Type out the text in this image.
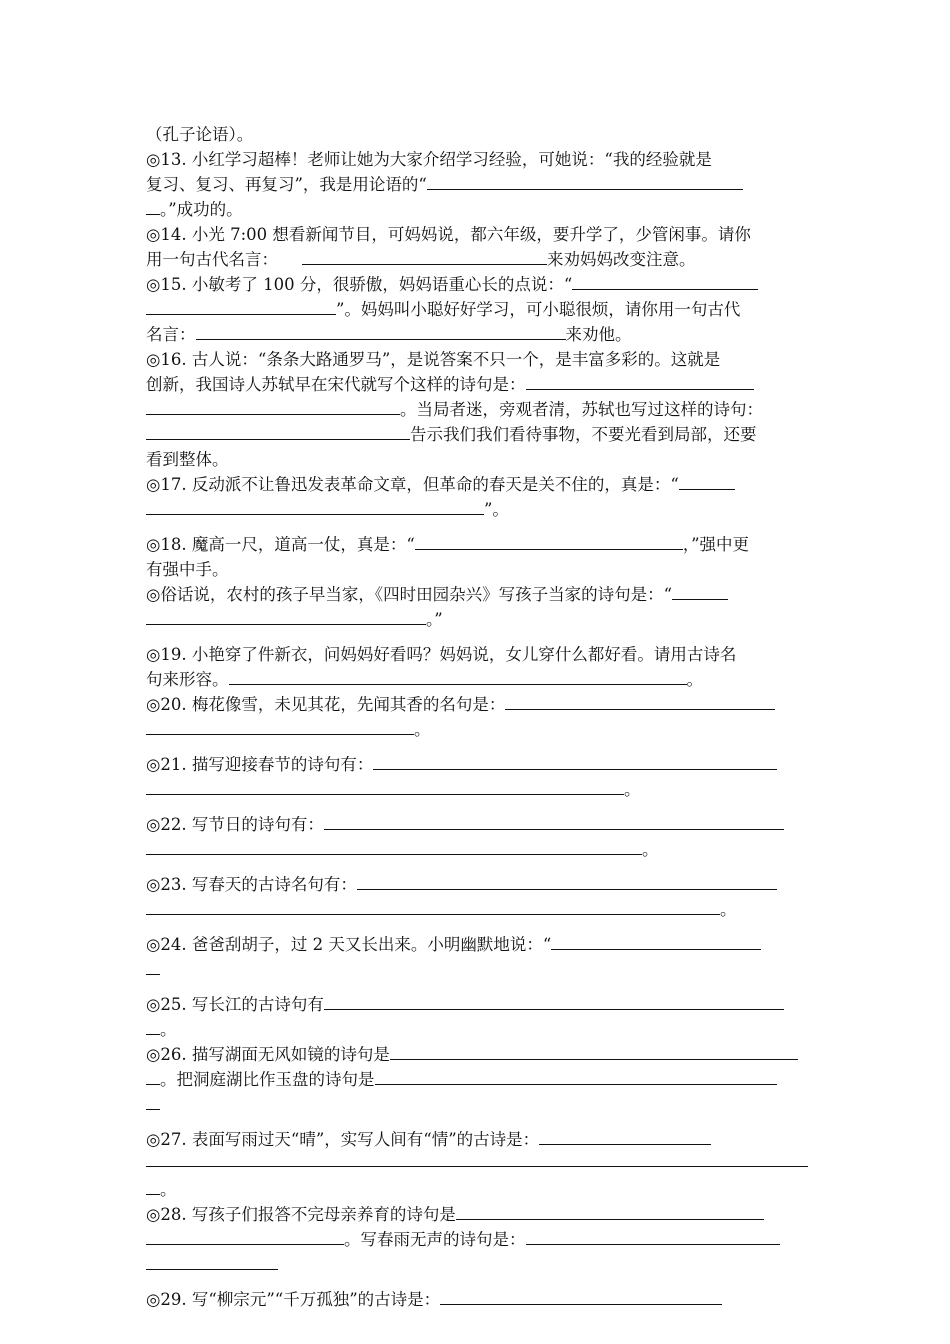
（孔子论语）。
◎13. 小红学习超棒！老师让她为大家介绍学习经验，可她说：“我的经验就是
复习、复习、再复习”，我是用论语的“
。”成功的。
◎14. 小光 7:00 想看新闻节目，可妈妈说，都六年级，要升学了，少管闲事。请你
用一句古代名言：	来劝妈妈改变注意。
◎15. 小敏考了 100 分，很骄傲，妈妈语重心长的点说：“
”。妈妈叫小聪好好学习，可小聪很烦，请你用一句古代
名言：	来劝他。
◎16. 古人说：“条条大路通罗马”，是说答案不只一个，是丰富多彩的。这就是
创新，我国诗人苏轼早在宋代就写个这样的诗句是：
。当局者迷，旁观者清，苏轼也写过这样的诗句：
告示我们我们看待事物，不要光看到局部，还要
看到整体。
◎17. 反动派不让鲁迅发表革命文章，但革命的春天是关不住的，真是：“
”。
◎18. 魔高一尺，道高一仗，真是：“	，”强中更
有强中手。
◎俗话说，农村的孩子早当家，《四时田园杂兴》写孩子当家的诗句是：“
。”
◎19. 小艳穿了件新衣，问妈妈好看吗？妈妈说，女儿穿什么都好看。请用古诗名
句来形容。	。
◎20. 梅花像雪，未见其花，先闻其香的名句是：
。
◎21. 描写迎接春节的诗句有：
。
◎22. 写节日的诗句有：
。
◎23. 写春天的古诗名句有：
。
◎24. 爸爸刮胡子，过 2 天又长出来。小明幽默地说：“
◎25. 写长江的古诗句有
。
◎26. 描写湖面无风如镜的诗句是
。把洞庭湖比作玉盘的诗句是
◎27. 表面写雨过天“晴”，实写人间有“情”的古诗是：
。
◎28. 写孩子们报答不完母亲养育的诗句是
。写春雨无声的诗句是：
◎29. 写“柳宗元”“千万孤独”的古诗是：
